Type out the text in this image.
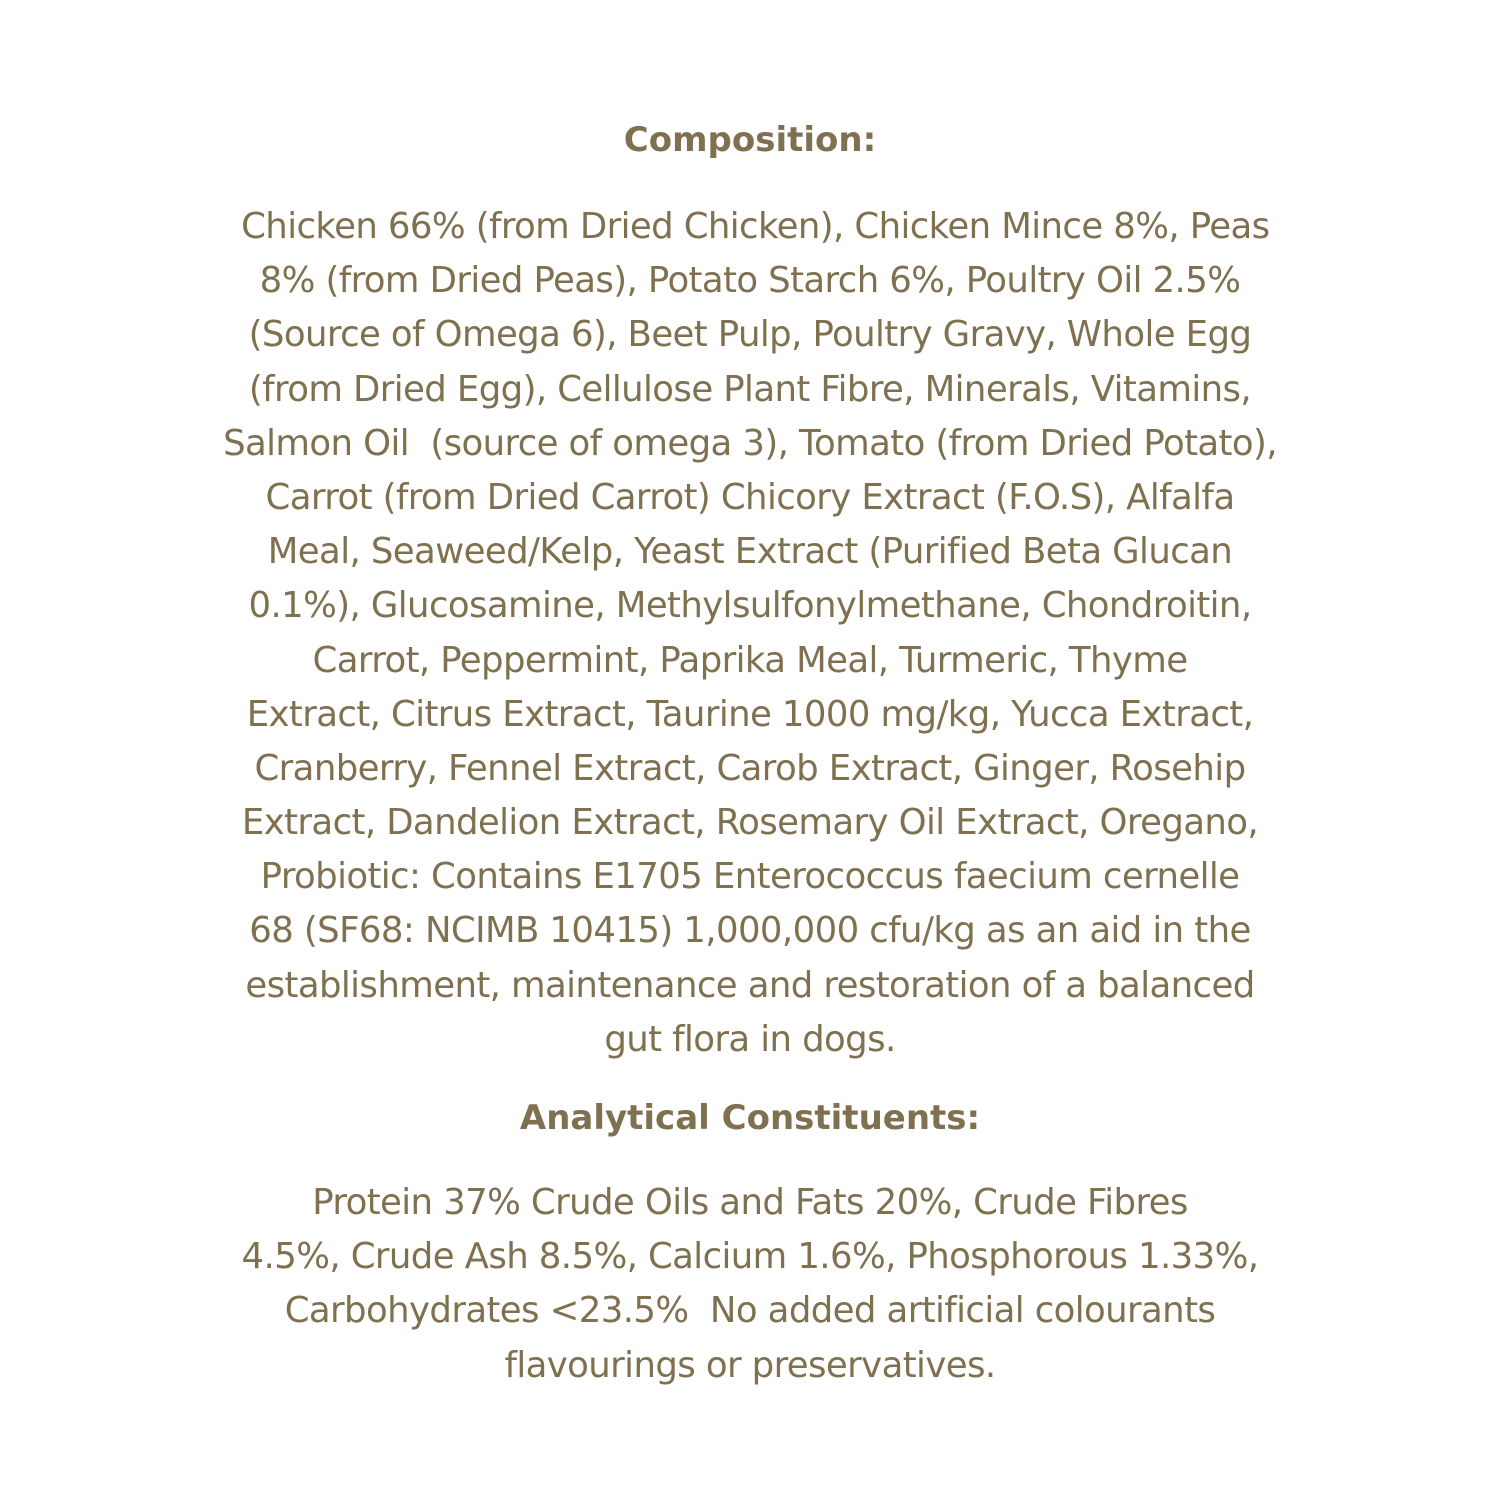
Composition:
Chicken 66% (from Dried Chicken), Chicken Mince 8%, Peas
8% (from Dried Peas), Potato Starch 6%, Poultry Oil 2.5%
(Source of Omega 6), Beet Pulp, Poultry Gravy, Whole Egg
(from Dried Egg), Cellulose Plant Fibre, Minerals, Vitamins,
Salmon Oil  (source of omega 3), Tomato (from Dried Potato),
Carrot (from Dried Carrot) Chicory Extract (F.O.S), Alfalfa
Meal, Seaweed/Kelp, Yeast Extract (Purified Beta Glucan
0.1%), Glucosamine, Methylsulfonylmethane, Chondroitin,
Carrot, Peppermint, Paprika Meal, Turmeric, Thyme
Extract, Citrus Extract, Taurine 1000 mg/kg, Yucca Extract,
Cranberry, Fennel Extract, Carob Extract, Ginger, Rosehip
Extract, Dandelion Extract, Rosemary Oil Extract, Oregano,
Probiotic: Contains E1705 Enterococcus faecium cernelle
68 (SF68: NCIMB 10415) 1,000,000 cfu/kg as an aid in the
establishment, maintenance and restoration of a balanced
gut flora in dogs.
Analytical Constituents:
Protein 37% Crude Oils and Fats 20%, Crude Fibres
4.5%, Crude Ash 8.5%, Calcium 1.6%, Phosphorous 1.33%,
Carbohydrates <23.5%  No added artificial colourants
flavourings or preservatives.
